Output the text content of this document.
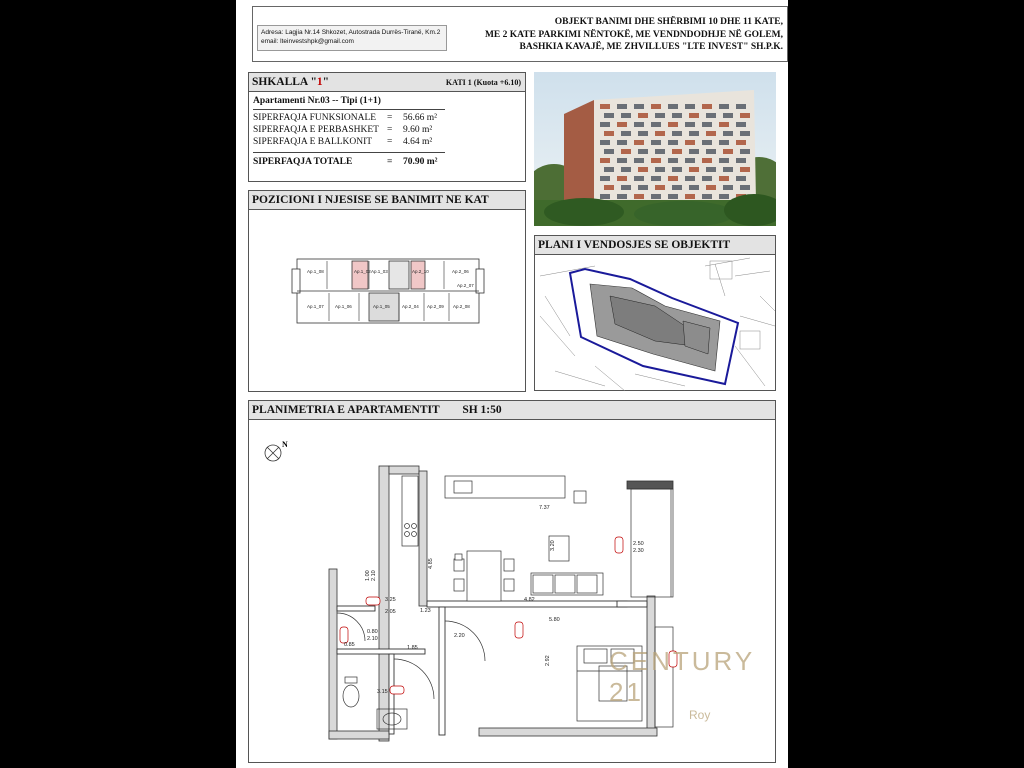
Adresa: Lagjia Nr.14 Shkozet, Autostrada Durrës-Tiranë, Km.2
email: lteinvestshpk@gmail.com
OBJEKT BANIMI DHE SHËRBIMI 10 DHE 11 KATE,
ME 2 KATE PARKIMI NËNTOKË, ME VENDNDODHJE NË GOLEM,
BASHKIA KAVAJË, ME ZHVILLUES "LTE INVEST" SH.P.K.
SHKALLA "1"	KATI 1 (Kuota +6.10)
Apartamenti Nr.03 -- Tipi (1+1)
SIPERFAQJA FUNKSIONALE = 56.66 m²
SIPERFAQJA E PERBASHKET = 9.60 m²
SIPERFAQJA E BALLKONIT = 4.64 m²
SIPERFAQJA TOTALE	= 70.90 m²
POZICIONI I NJESISE SE BANIMIT NE KAT
Ap.1_08	Ap.1_02 Ap.1_03	Ap.2_10	Ap.2_06
Ap.2_07
Ap.1_07 Ap.1_06	Ap.1_05	Ap.2_04 Ap.2_09 Ap.2_08
PLANI I VENDOSJES SE OBJEKTIT
PLANIMETRIA E APARTAMENTIT SH 1:50
N
7.37
3.20
4.85
2.50
2.30
3.25
2.05	1.23
4.82
5.80
0.85
2.20
1.85
2.92
3.15
0.80
2.10
1.00 2.10
CENTURY 21
Roy
